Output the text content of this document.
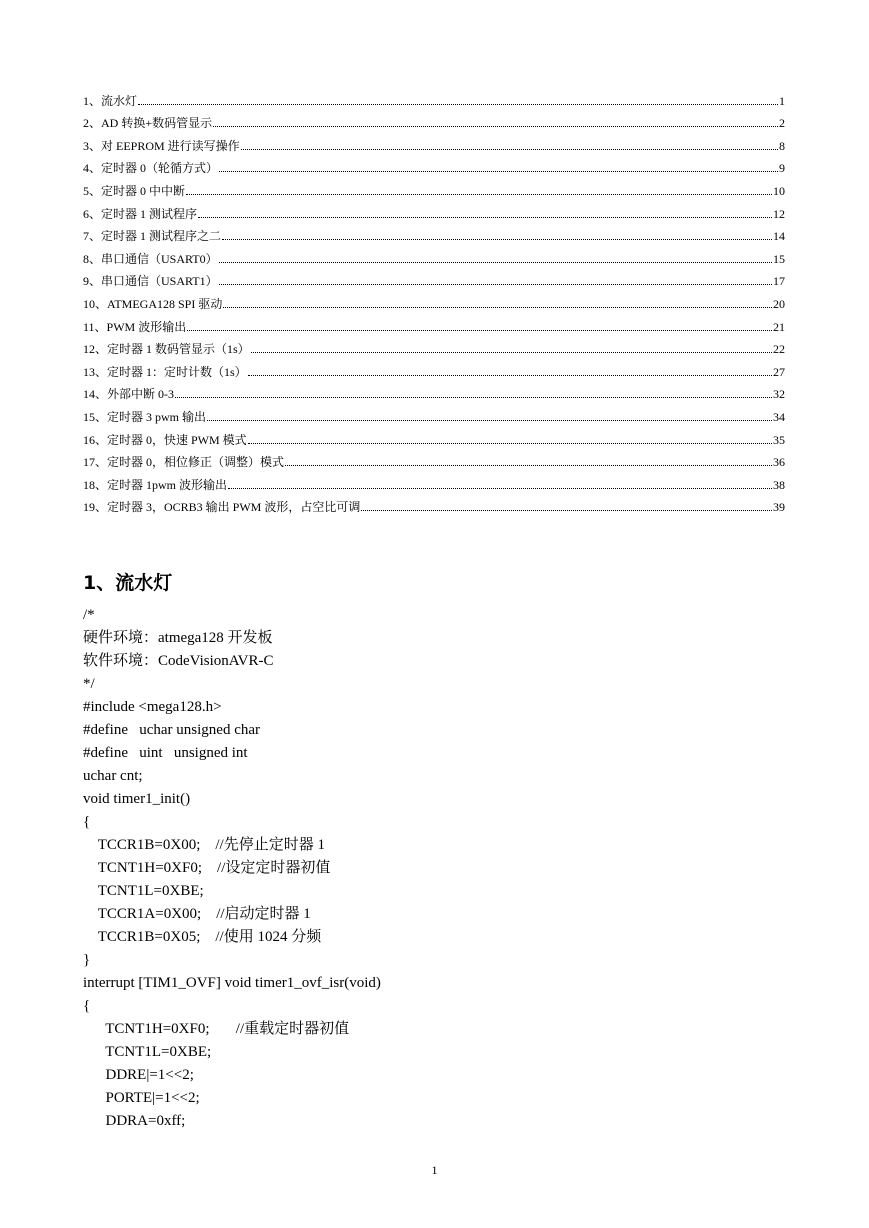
1、流水灯	1
2、AD 转换+数码管显示	2
3、对 EEPROM 进行读写操作	8
4、定时器 0（轮循方式）	9
5、定时器 0 中中断	10
6、定时器 1 测试程序	12
7、定时器 1 测试程序之二	14
8、串口通信（USART0）	15
9、串口通信（USART1）	17
10、ATMEGA128 SPI 驱动	20
11、PWM 波形输出	21
12、定时器 1 数码管显示（1s）	22
13、定时器 1：定时计数（1s）	27
14、外部中断 0-3	32
15、定时器 3 pwm 输出	34
16、定时器 0，快速 PWM 模式	35
17、定时器 0，相位修正（调整）模式	36
18、定时器 1pwm 波形输出	38
19、定时器 3，OCRB3 输出 PWM 波形，占空比可调	39
1、流水灯
/*
硬件环境：atmega128 开发板
软件环境：CodeVisionAVR-C
*/
#include <mega128.h>
#define   uchar unsigned char
#define   uint   unsigned int
uchar cnt;
void timer1_init()
{
TCCR1B=0X00;    //先停止定时器 1
TCNT1H=0XF0;    //设定定时器初值
TCNT1L=0XBE;
TCCR1A=0X00;    //启动定时器 1
TCCR1B=0X05;    //使用 1024 分频
}
interrupt [TIM1_OVF] void timer1_ovf_isr(void)
{
TCNT1H=0XF0;       //重载定时器初值
TCNT1L=0XBE;
DDRE|=1<<2;
PORTE|=1<<2;
DDRA=0xff;
1
